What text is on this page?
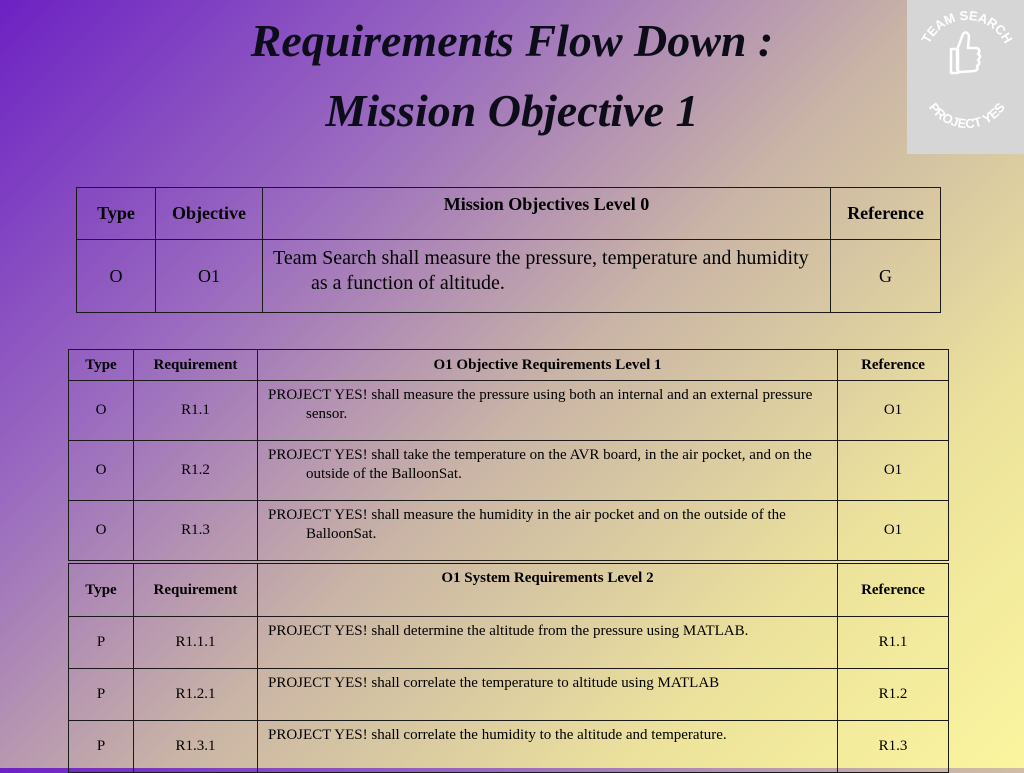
Requirements Flow Down :
Mission Objective 1
TEAM SEARCH
PROJECT YES
Type	Objective	Mission Objectives Level 0	Reference
O	O1	Team Search shall measure the pressure, temperature and humidity as a function of altitude.	G
Type	Requirement	O1 Objective Requirements Level 1	Reference
O	R1.1	PROJECT YES! shall measure the pressure using both an internal and an external pressure sensor.	O1
O	R1.2	PROJECT YES! shall take the temperature on the AVR board, in the air pocket, and on the outside of the BalloonSat.	O1
O	R1.3	PROJECT YES! shall measure the humidity in the air pocket and on the outside of the BalloonSat.	O1
Type	Requirement	O1 System Requirements Level 2	Reference
P	R1.1.1	PROJECT YES! shall determine the altitude from the pressure using MATLAB.	R1.1
P	R1.2.1	PROJECT YES! shall correlate the temperature to altitude using MATLAB	R1.2
P	R1.3.1	PROJECT YES! shall correlate the humidity to the altitude and temperature.	R1.3
